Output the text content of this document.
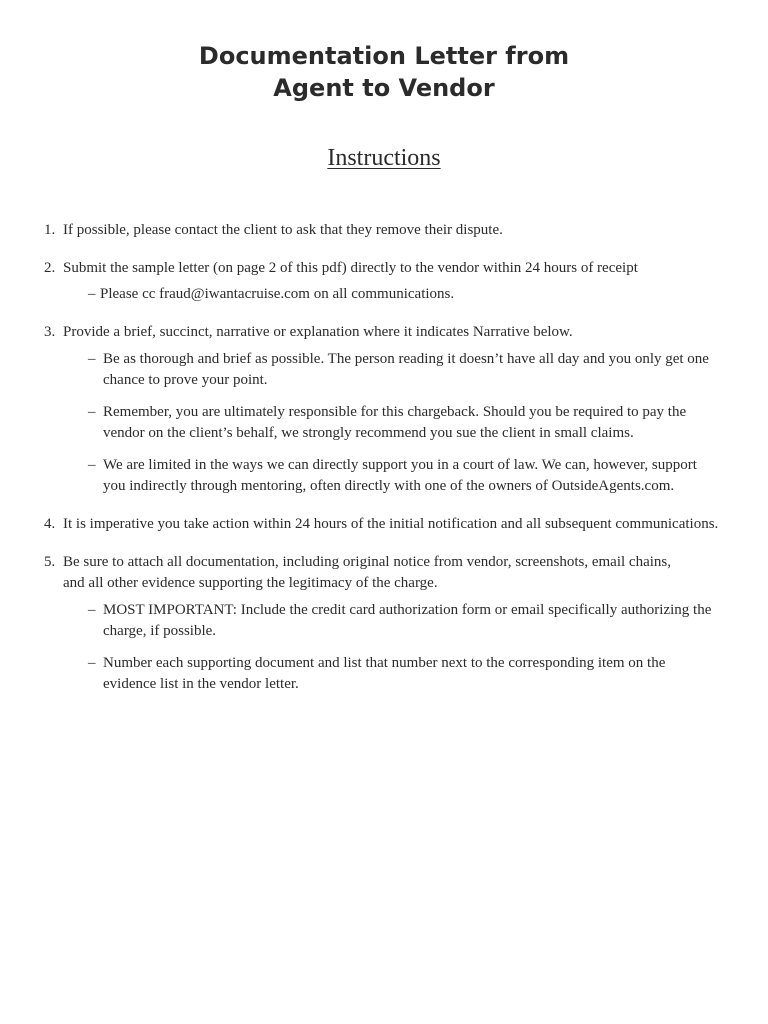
Documentation Letter from
Agent to Vendor
Instructions
1. If possible, please contact the client to ask that they remove their dispute.
2. Submit the sample letter (on page 2 of this pdf) directly to the vendor within 24 hours of receipt
– Please cc fraud@iwantacruise.com on all communications.
3. Provide a brief, succinct, narrative or explanation where it indicates Narrative below.
– Be as thorough and brief as possible. The person reading it doesn’t have all day and you only get one
chance to prove your point.
– Remember, you are ultimately responsible for this chargeback. Should you be required to pay the
vendor on the client’s behalf, we strongly recommend you sue the client in small claims.
– We are limited in the ways we can directly support you in a court of law. We can, however, support
you indirectly through mentoring, often directly with one of the owners of OutsideAgents.com.
4. It is imperative you take action within 24 hours of the initial notification and all subsequent communications.
5. Be sure to attach all documentation, including original notice from vendor, screenshots, email chains,
and all other evidence supporting the legitimacy of the charge.
– MOST IMPORTANT: Include the credit card authorization form or email specifically authorizing the
charge, if possible.
– Number each supporting document and list that number next to the corresponding item on the
evidence list in the vendor letter.
